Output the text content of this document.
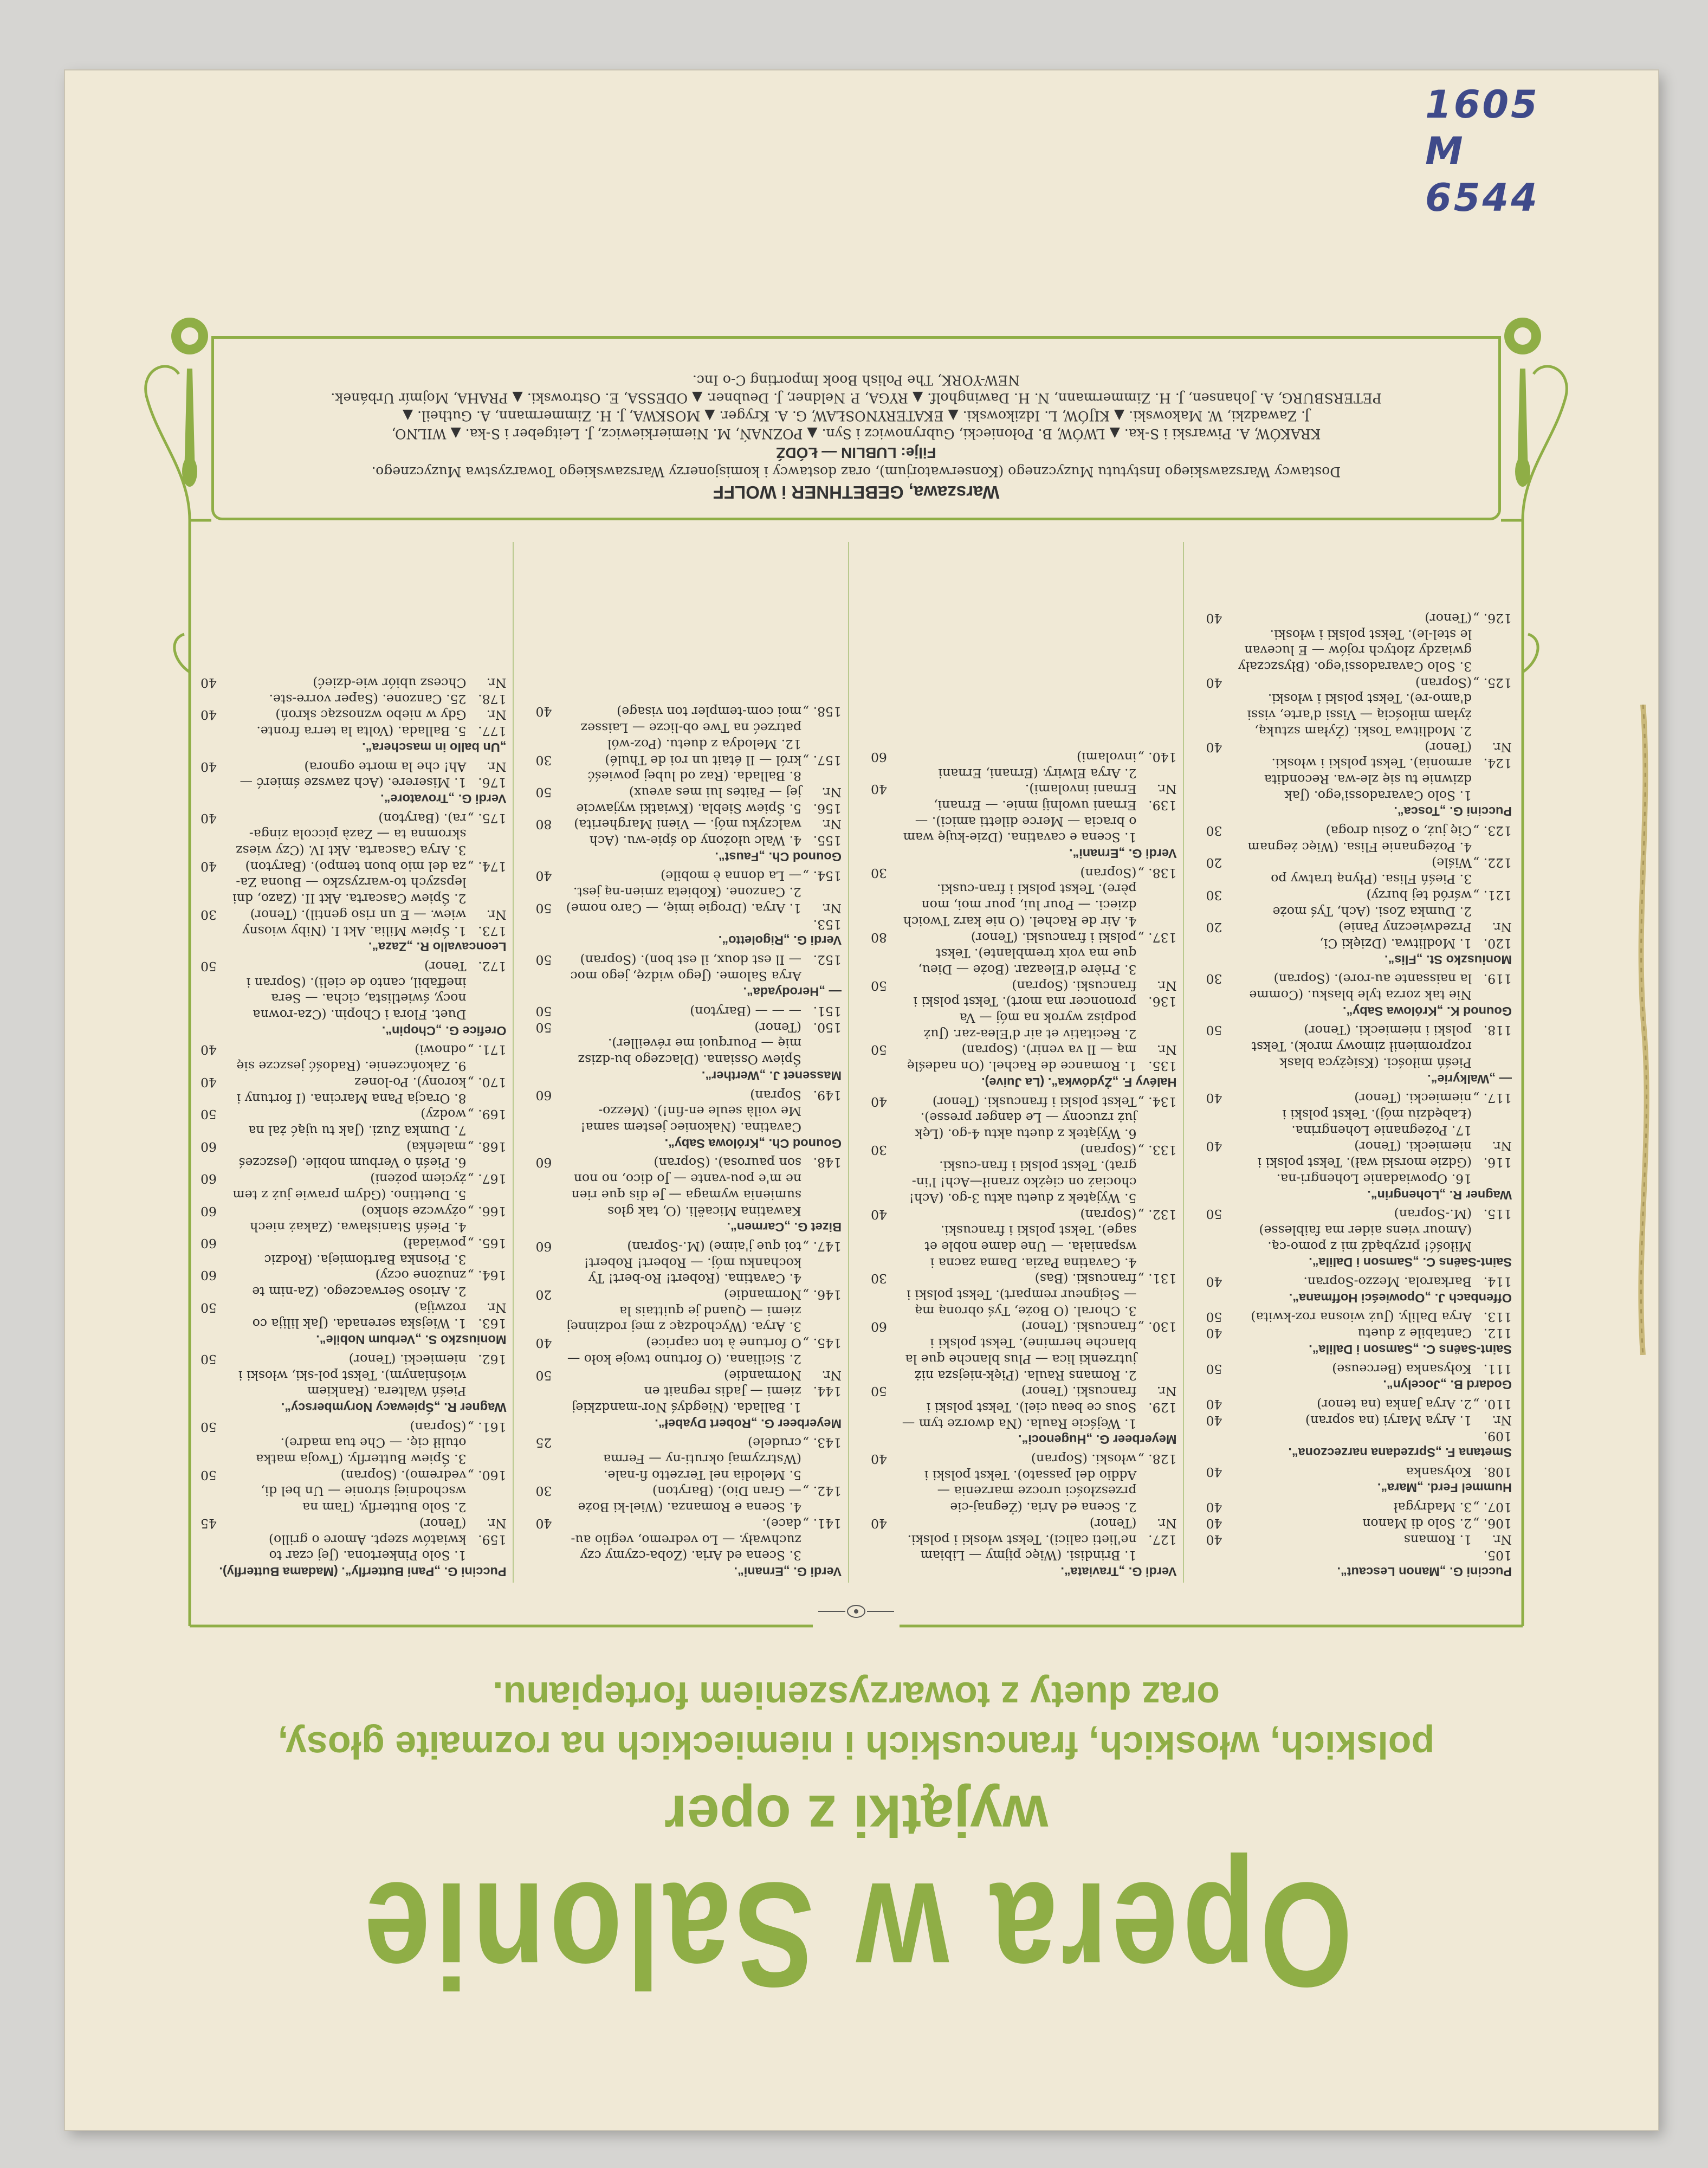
1605 M
6544
Opera w Salonie
wyjątki z oper
polskich, włoskich, francuskich i niemieckich na rozmaite głosy,
oraz duety z towarzyszeniem fortepianu.
Puccini G. „Manon Lescaut“.
105. Nr.
1. Romans
40
106. „
2. Solo di Manon
40
107. „
3. Madrygał
40
Hummel Ferd. „Mara“.
108.
Kołysanka
40
Smetana F. „Sprzedana narzeczona“.
109. Nr.
1. Arya Maryi (na sopran)
40
110. „
2. Arya Janka (na tenor)
40
Godard B. „Jocelyn“.
111.
Kołysanka (Berceuse)
50
Saint-Saëns C. „Samson i Dalila“.
112.
Cantabile z duetu
40
113.
Arya Dalily. (Już wiosna roz-kwita)
50
Offenbach J. „Opowieści Hoffmana“.
114.
Barkarola. Mezzo-Sopran.
40
Saint-Saëns C. „Samson i Dalila“.
115.
Miłość! przybądź mi z pomo-cą. (Amour viens aider ma faiblesse) (M.-Sopran)
50
Wagner R. „Lohengrin“.
116. Nr.
16. Opowiadanie Lohengri-na. (Gdzie morski wał). Tekst polski i niemiecki. (Tenor)
40
117. „
17. Pożegnanie Lohengrina. (Łabędziu mój). Tekst polski i niemiecki. (Tenor)
40
— „Walkyrie“.
118.
Pieśń miłości. (Księżyca blask rozpromienił zimowy mrok). Tekst polski i niemiecki. (Tenor)
50
Gounod K. „Królowa Saby“.
119.
Nie tak zorza tyle blasku. (Comme la naissante au-rore). (Sopran)
30
Moniuszko St. „Flis“.
120. Nr.
1. Modlitwa. (Dzięki Ci, Przedwieczny Panie)
20
121. „
2. Dumka Zosi. (Ach, Tyś może wśród tej burzy)
30
122. „
3. Pieśń Flisa. (Płyną tratwy po Wiśle)
20
123. „
4. Pożegnanie Flisa. (Więc żegnam Cię już, o Zosiu droga)
30
Puccini G. „Tosca“.
124. Nr.
1. Solo Cavaradossi'ego. (Jak dziwnie tu się zle-wa. Recondita armonia). Tekst polski i włoski. (Tenor)
40
125. „
2. Modlitwa Toski. (Żyłam sztuką, żyłam miłością — Vissi d'arte, vissi d'amo-re). Tekst polski i włoski. (Sopran)
40
126. „
3. Solo Cavaradossi'ego. (Błyszczały gwiazdy złotych rojów — E lucevan le stel-le). Tekst polski i włoski. (Tenor)
40
Verdi G. „Traviata“.
127. Nr.
1. Brindisi. (Więc pijmy — Libiam ne'lieti calici). Tekst włoski i polski. (Tenor)
40
128. „
2. Scena ed Aria. (Żegnaj-cie przeszłości urocze marzenia — Addio del passato). Tekst polski i włoski. (Sopran)
40
Meyerbeer G. „Hugenoci“.
129. Nr.
1. Wejście Raula. (Na dworze tym — Sous ce beau ciel). Tekst polski i francuski. (Tenor)
50
130. „
2. Romans Raula. (Pięk-niejsza niż jutrzenki lica — Plus blanche que la blanche hermine). Tekst polski i francuski. (Tenor)
60
131. „
3. Choral. (O Boże, Tyś obroną mą — Seigneur rempart). Tekst polski i francuski. (Bas)
30
132. „
4. Cavatina Pazia. Dama zacna i wspaniała. — Une dame noble et sage). Tekst polski i francuski. (Sopran)
40
133. „
5. Wyjątek z duetu aktu 3-go. (Ach! chociaż on ciężko zranił—Ach! l'in-grat). Tekst polski i fran-cuski. (Sopran)
30
134. „
6. Wyjątek z duetu aktu 4-go. (Lęk już rzucony — Le danger presse). Tekst polski i francuski. (Tenor)
40
Halévy F. „Żydówka“. (La Juive).
135. Nr.
1. Romance de Rachel. (On nadeślę mą — Il va venir). (Sopran)
50
136. Nr.
2. Recitativ et air d'Elea-zar. (Już podpisz wyrok na mój — Va prononcer ma mort). Tekst polski i francuski. (Sopran)
50
137. „
3. Prière d'Eleazar. (Boże — Dieu, que ma voix tremblante). Tekst polski i francuski. (Tenor)
80
138. „
4. Air de Rachel. (O nie karz Twoich dzieci. — Pour lui, pour moi, mon père). Tekst polski i fran-cuski. (Sopran)
30
Verdi G. „Ernani“.
139. Nr.
1. Scena e cavatina. (Dzie-kuję wam o bracia — Merce diletti amici). — Ernani uwolnij mnie. — Ernani, Ernani involami).
40
140. „
2. Arya Elwiry. (Ernani, Ernani involami)
60
Verdi G. „Ernani“.
141. „
3. Scena ed Aria. (Zoba-czymy czy zuchwały. — Lo vedremo, veglio au-dace).
40
142. „
4. Scena e Romanza. (Wiel-ki Boże — Gran Dio). (Baryton)
30
143. „
5. Melodia nel Terzetto fi-nale. (Wstrzymaj okruti-ny — Ferma crudele)
25
Meyerbeer G. „Robert Dyabeł“.
144. Nr.
1. Ballada. (Niegdyś Nor-mandzkiej ziemi — Jadis regnait en Normandie)
50
145. „
2. Siciliana. (O fortuno twoje koło — O fortune à ton caprice)
40
146. „
3. Arya. (Wychodząc z mej rodzinnej ziemi — Quand je quittais la Normandie)
20
147. „
4. Cavatina. (Robert! Ro-bert! Ty kochanku mój. — Robert! Robert! toi que j'aime) (M.-Sopran)
60
Bizet G. „Carmen“.
148.
Kawatina Micaëli. (O, tak głos sumienia wymaga — Je dis que rien ne m'e pou-vante — Jo dico, no non son paurosa). (Sopran)
60
Gounod Ch. „Królowa Saby“.
149.
Cavatina. (Nakoniec jestem sama! Me voilà seule en-fin!). (Mezzo-Sopran)
60
Massenet J. „Werther“.
150.
Śpiew Ossiana. (Dlaczego bu-dzisz mię — Pourquoi me réveiller). (Tenor)
50
151.
— — — (Baryton)
50
— „Herodyada“.
152.
Arya Salome. (Jego widzę, jego moc — Il est doux, il est bon). (Sopran)
50
Verdi G. „Rigoletto“.
153. Nr.
1. Arya. (Drogie imię, — Caro nome)
50
154. „
2. Canzone. (Kobieta zmien-ną jest. — La donna è mobile)
40
Gounod Ch. „Faust“.
155. Nr.
4. Walc ułożony do śpie-wu. (Ach walczyku mój. — Vieni Margherita)
80
156. Nr.
5. Śpiew Siebla. (Kwiatki wyjawcie jej — Faites lui mes aveux)
50
157. „
8. Ballada. (Raz od lubej powieść król — Il était un roi de Thulé)
30
158. „
12. Melodya z duetu. (Poz-wól patrzeć na Twe ob-licze — Laissez moi com-templer ton visage)
40
Puccini G. „Pani Butterfly“. (Madama Butterfly).
159. Nr.
1. Solo Pinkertona. (Jej czar to kwiatów szept. Amore o grillo) (Tenor)
45
160. „
2. Solo Butterfly. (Tam na wschodniej stronie — Un bel di, vedremo). (Sopran)
50
161. „
3. Śpiew Butterfly. (Twoja matka otulił cię. — Che tua madre). (Sopran)
50
Wagner R. „Śpiewacy Norymberscy“.
162.
Pieśń Waltera. (Rankiem wiośnianym). Tekst pol-ski, włoski i niemiecki. (Tenor)
50
Moniuszko S. „Verbum Nobile“.
163. Nr.
1. Wiejska serenada. (Jak lilija co rozwija)
50
164. „
2. Arioso Serwaczego. (Za-nim te znużone oczy)
60
165. „
3. Piosnka Bartłomieja. (Rodzic powiadał)
60
166. „
4. Pieśń Stanisława. (Zakaż niech ożywcze słonko)
60
167. „
5. Duettino. (Gdym prawie już z tem życiem pożeni)
60
168. „
6. Pieśń o Verbum nobile. (Jeszcześ maleńka)
60
169. „
7. Dumka Zuzi. (Jak tu ująć żal na wodzy)
50
170. „
8. Oracja Pana Marcina. (I fortuny i korony). Po-lonez
40
171. „
9. Zakończenie. (Radość jeszcze się odnowi)
40
Orefice G. „Chopin“.
172.
Duet. Flora i Chopin. (Cza-rowna nocy, świetlista, cicha. — Sera ineffabil, canto de cieli). (Sopran i Tenor)
50
Leoncavallo R. „Zaza“.
173. Nr.
1. Śpiew Milia. Akt I. (Niby wiosny wiew. — E un riso gentil). (Tenor)
30
174. „
2. Śpiew Cascarta. Akt II. (Zazo, dni lepszych to-warzyszko — Buona Za-za del mio buon tempo). (Baryton)
40
175. „
3. Arya Cascarta. Akt IV. (Czy wiesz skromna ta — Zazà piccola zinga-ra). (Baryton)
40
Verdi G. „Trovatore“.
176. Nr.
1. Miserere. (Ach zawsze śmierć — Ah! che la morte ognora)
40
„Un ballo in maschera“.
177. Nr.
5. Ballada. (Volta la terra fronte. Gdy w niebo wznosząc skroń)
40
178. Nr.
25. Canzone. (Saper vorre-ste. Chcesz ubiór wie-dzieć)
40
Warszawa, GEBETHNER i WOLFF
Dostawcy Warszawskiego Instytutu Muzycznego (Konserwatorjum), oraz dostawcy i komisjonerzy Warszawskiego Towarzystwa Muzycznego.
Filje: LUBLIN — ŁÓDŹ
KRAKÓW, A. Piwarski i S-ka. ▲ LWÓW, B. Połoniecki, Gubrynowicz i Syn. ▲ POZNAŃ, M. Niemierkiewicz, J. Leitgeber i S-ka. ▲ WILNO,
J. Zawadzki, W. Makowski. ▲ KIJÓW, L. Idzikowski. ▲ EKATERYNOSŁAW, G. A. Kryger. ▲ MOSKWA, J. H. Zimmermann, A. Gutheil. ▲
PETERSBURG, A. Johansen, J. H. Zimmermann, N. H. Dawingholf. ▲ RYGA, P. Neldner, J. Deubner. ▲ ODESSA, E. Ostrowski. ▲ PRAHA, Mojmír Urbánek.
NEW-YORK, The Polish Book Importing C-o Inc.
